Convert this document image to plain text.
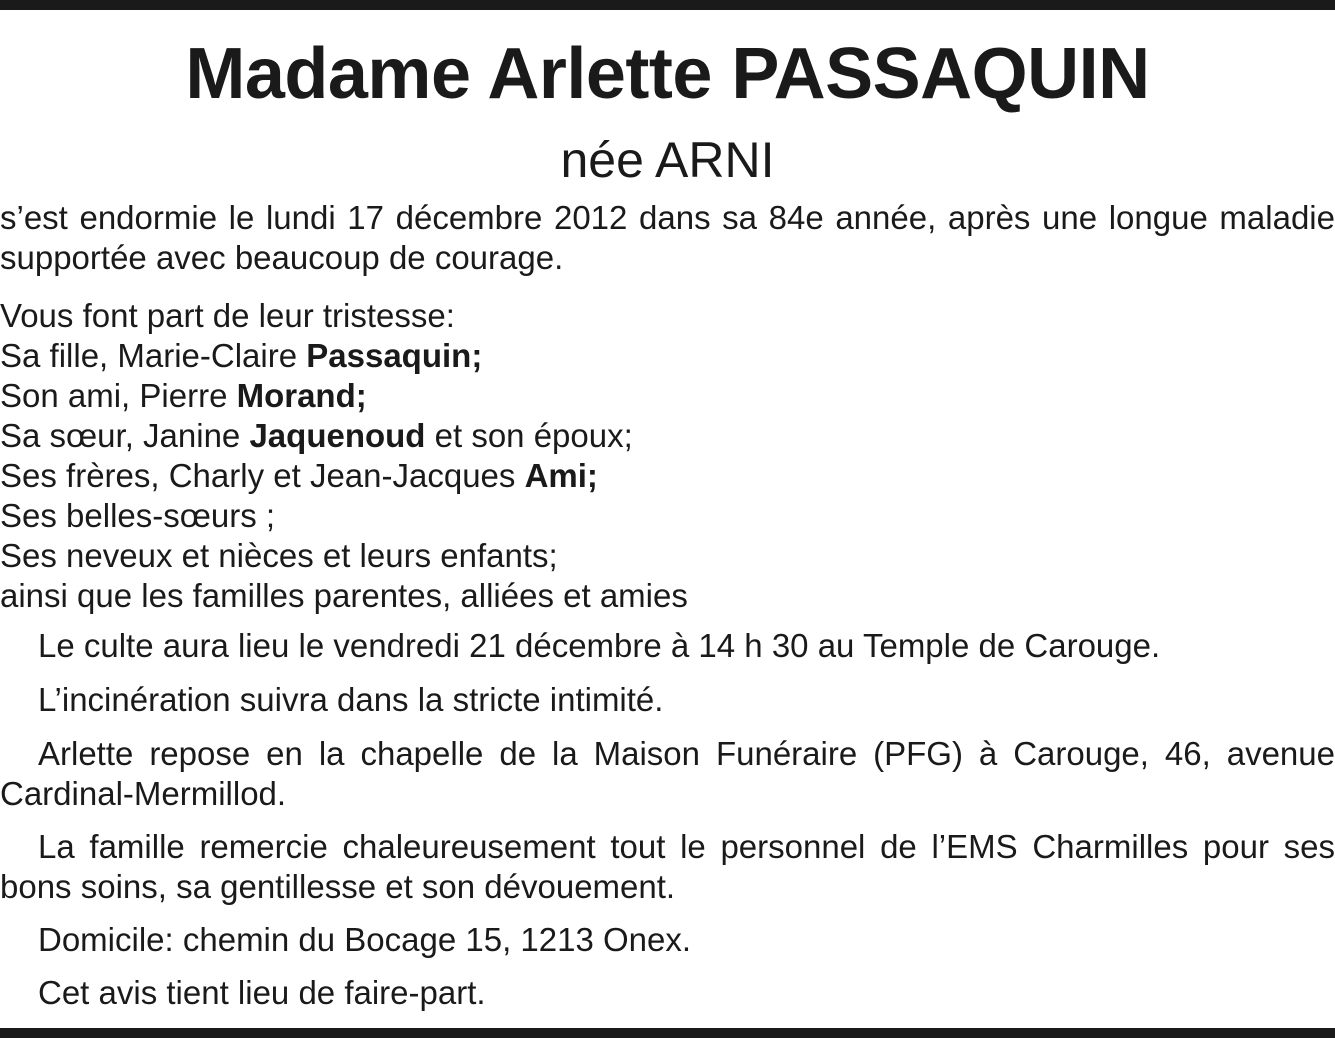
Madame Arlette PASSAQUIN

née ARNI

s’est endormie le lundi 17 décembre 2012 dans sa 84e année, après une longue maladie supportée avec beaucoup de courage.

Vous font part de leur tristesse:
Sa fille, Marie-Claire Passaquin;
Son ami, Pierre Morand;
Sa sœur, Janine Jaquenoud et son époux;
Ses frères, Charly et Jean-Jacques Ami;
Ses belles-sœurs ;
Ses neveux et nièces et leurs enfants;
ainsi que les familles parentes, alliées et amies

Le culte aura lieu le vendredi 21 décembre à 14 h 30 au Temple de Carouge.

L’incinération suivra dans la stricte intimité.

Arlette repose en la chapelle de la Maison Funéraire (PFG) à Carouge, 46, avenue Cardinal-Mermillod.

La famille remercie chaleureusement tout le personnel de l’EMS Charmilles pour ses bons soins, sa gentillesse et son dévouement.

Domicile: chemin du Bocage 15, 1213 Onex.

Cet avis tient lieu de faire-part.
